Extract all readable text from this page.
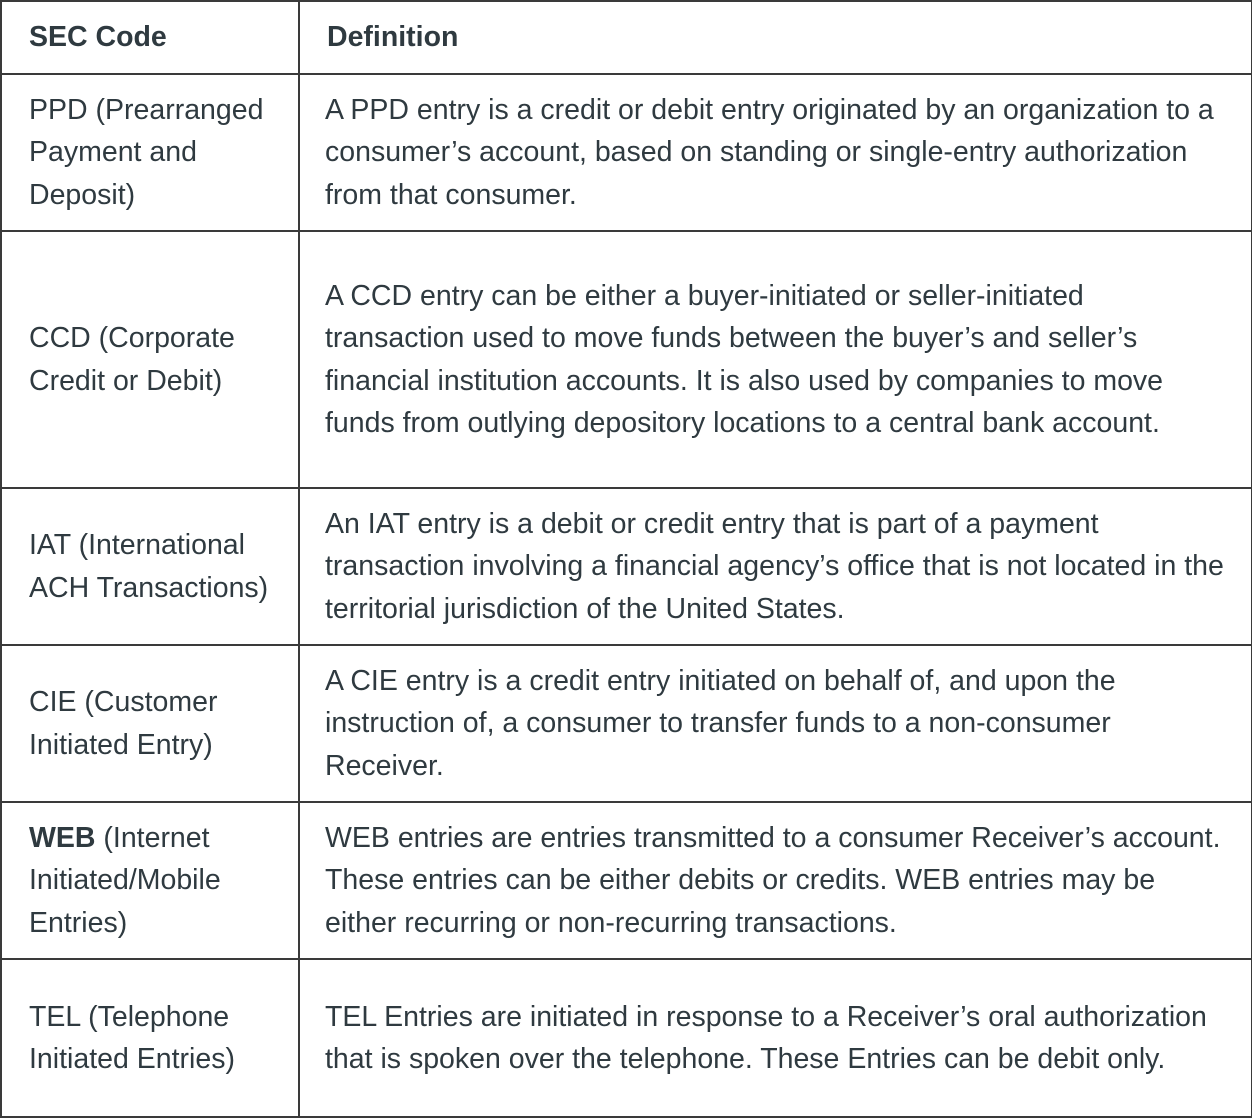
SEC Code	Definition
PPD (Prearranged Payment and Deposit)	A PPD entry is a credit or debit entry originated by an organization to a consumer’s account, based on standing or single-entry authorization from that consumer.
CCD (Corporate Credit or Debit)	A CCD entry can be either a buyer-initiated or seller-initiated transaction used to move funds between the buyer’s and seller’s financial institution accounts. It is also used by companies to move funds from outlying depository locations to a central bank account.
IAT (International ACH Transactions)	An IAT entry is a debit or credit entry that is part of a payment transaction involving a financial agency’s office that is not located in the territorial jurisdiction of the United States.
CIE (Customer Initiated Entry)	A CIE entry is a credit entry initiated on behalf of, and upon the instruction of, a consumer to transfer funds to a non-consumer Receiver.
WEB (Internet Initiated/Mobile Entries)	WEB entries are entries transmitted to a consumer Receiver’s account. These entries can be either debits or credits. WEB entries may be either recurring or non-recurring transactions.
TEL (Telephone Initiated Entries)	TEL Entries are initiated in response to a Receiver’s oral authorization that is spoken over the telephone. These Entries can be debit only.
